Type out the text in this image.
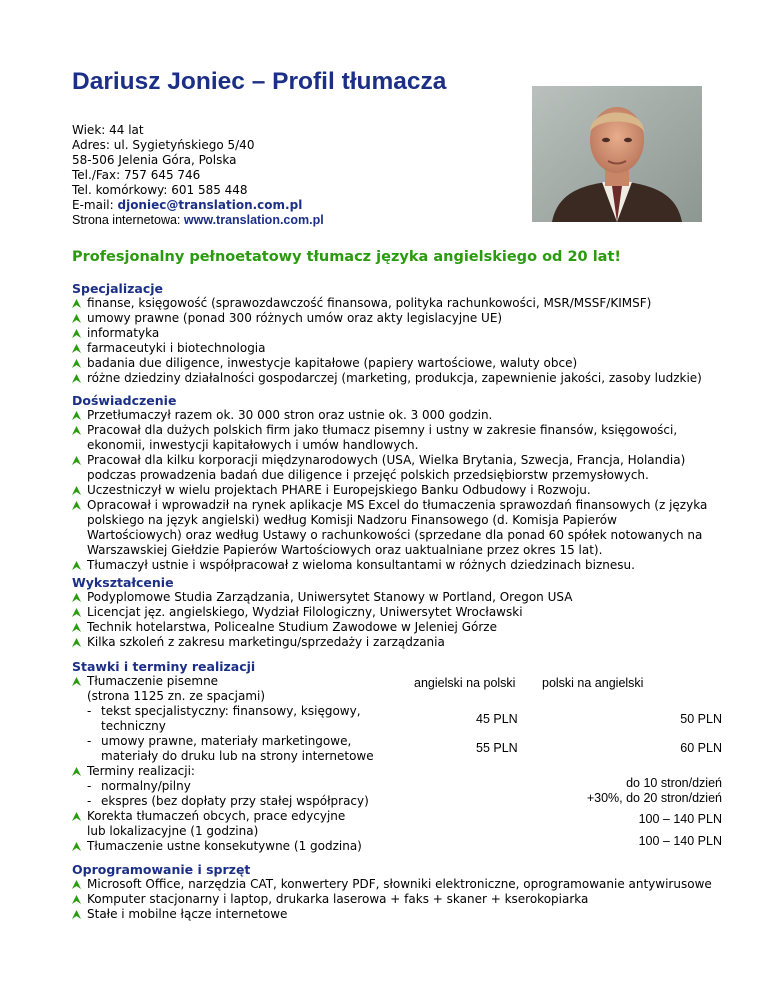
Dariusz Joniec – Profil tłumacza
Wiek: 44 lat
Adres: ul. Sygietyńskiego 5/40
58-506 Jelenia Góra, Polska
Tel./Fax: 757 645 746
Tel. komórkowy: 601 585 448
E-mail: djoniec@translation.com.pl
Strona internetowa: www.translation.com.pl
Profesjonalny pełnoetatowy tłumacz języka angielskiego od 20 lat!
Specjalizacje
finanse, księgowość (sprawozdawczość finansowa, polityka rachunkowości, MSR/MSSF/KIMSF)
umowy prawne (ponad 300 różnych umów oraz akty legislacyjne UE)
informatyka
farmaceutyki i biotechnologia
badania due diligence, inwestycje kapitałowe (papiery wartościowe, waluty obce)
różne dziedziny działalności gospodarczej (marketing, produkcja, zapewnienie jakości, zasoby ludzkie)
Doświadczenie
Przetłumaczył razem ok. 30 000 stron oraz ustnie ok. 3 000 godzin.
Pracował dla dużych polskich firm jako tłumacz pisemny i ustny w zakresie finansów, księgowości, ekonomii, inwestycji kapitałowych i umów handlowych.
Pracował dla kilku korporacji międzynarodowych (USA, Wielka Brytania, Szwecja, Francja, Holandia) podczas prowadzenia badań due diligence i przejęć polskich przedsiębiorstw przemysłowych.
Uczestniczył w wielu projektach PHARE i Europejskiego Banku Odbudowy i Rozwoju.
Opracował i wprowadził na rynek aplikacje MS Excel do tłumaczenia sprawozdań finansowych (z języka polskiego na język angielski) według Komisji Nadzoru Finansowego (d. Komisja Papierów Wartościowych) oraz według Ustawy o rachunkowości (sprzedane dla ponad 60 spółek notowanych na Warszawskiej Giełdzie Papierów Wartościowych oraz uaktualniane przez okres 15 lat).
Tłumaczył ustnie i współpracował z wieloma konsultantami w różnych dziedzinach biznesu.
Wykształcenie
Podyplomowe Studia Zarządzania, Uniwersytet Stanowy w Portland, Oregon USA
Licencjat jęz. angielskiego, Wydział Filologiczny, Uniwersytet Wrocławski
Technik hotelarstwa, Policealne Studium Zawodowe w Jeleniej Górze
Kilka szkoleń z zakresu marketingu/sprzedaży i zarządzania
Stawki i terminy realizacji
Tłumaczenie pisemne
(strona 1125 zn. ze spacjami)
- tekst specjalistyczny: finansowy, księgowy,
techniczny
- umowy prawne, materiały marketingowe,
materiały do druku lub na strony internetowe
Terminy realizacji:
- normalny/pilny
- ekspres (bez dopłaty przy stałej współpracy)
Korekta tłumaczeń obcych, prace edycyjne
lub lokalizacyjne (1 godzina)
Tłumaczenie ustne konsekutywne (1 godzina)
angielski na polski polski na angielski
45 PLN	50 PLN
55 PLN	60 PLN
do 10 stron/dzień
+30%, do 20 stron/dzień
100 – 140 PLN
100 – 140 PLN
Oprogramowanie i sprzęt
Microsoft Office, narzędzia CAT, konwertery PDF, słowniki elektroniczne, oprogramowanie antywirusowe
Komputer stacjonarny i laptop, drukarka laserowa + faks + skaner + kserokopiarka
Stałe i mobilne łącze internetowe
